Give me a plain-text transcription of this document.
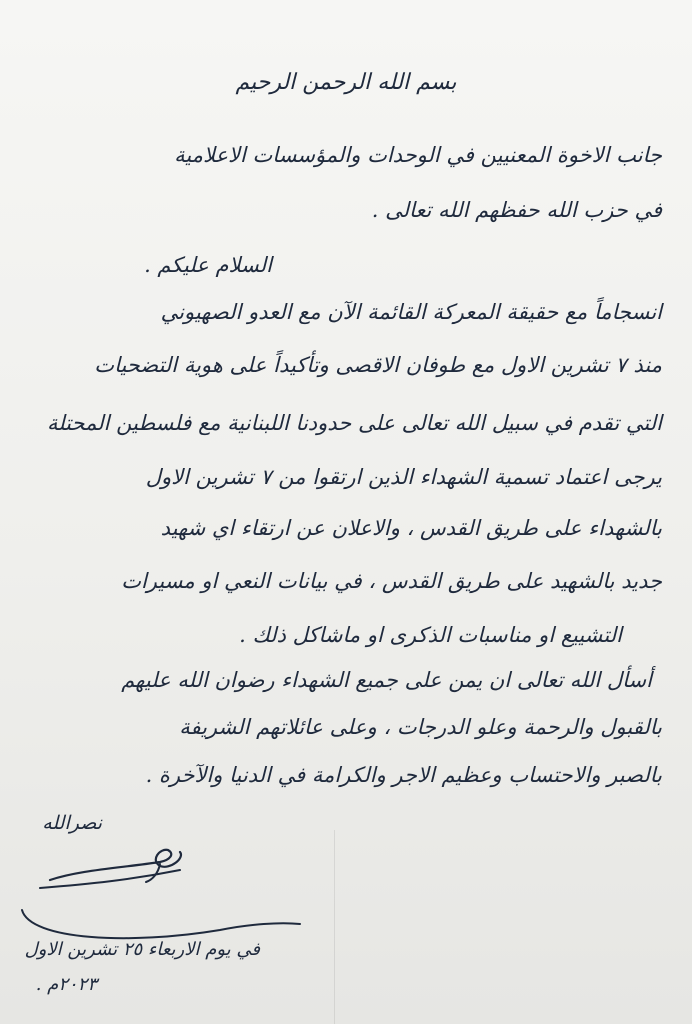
بسم الله الرحمن الرحيم
جانب الاخوة المعنيين في الوحدات والمؤسسات الاعلامية
في حزب الله حفظهم الله تعالى .
السلام عليكم .
انسجاماً مع حقيقة المعركة القائمة الآن مع العدو الصهيوني
منذ ٧ تشرين الاول مع طوفان الاقصى وتأكيداً على هوية التضحيات
التي تقدم في سبيل الله تعالى على حدودنا اللبنانية مع فلسطين المحتلة
يرجى اعتماد تسمية الشهداء الذين ارتقوا من ٧ تشرين الاول
بالشهداء على طريق القدس ، والاعلان عن ارتقاء اي شهيد
جديد بالشهيد على طريق القدس ، في بيانات النعي او مسيرات
التشييع او مناسبات الذكرى او ماشاكل ذلك .
أسأل الله تعالى ان يمن على جميع الشهداء رضوان الله عليهم
بالقبول والرحمة وعلو الدرجات ، وعلى عائلاتهم الشريفة
بالصبر والاحتساب وعظيم الاجر والكرامة في الدنيا والآخرة .
نصرالله
في يوم الاربعاء ٢٥ تشرين الاول
٢٠٢٣م .
